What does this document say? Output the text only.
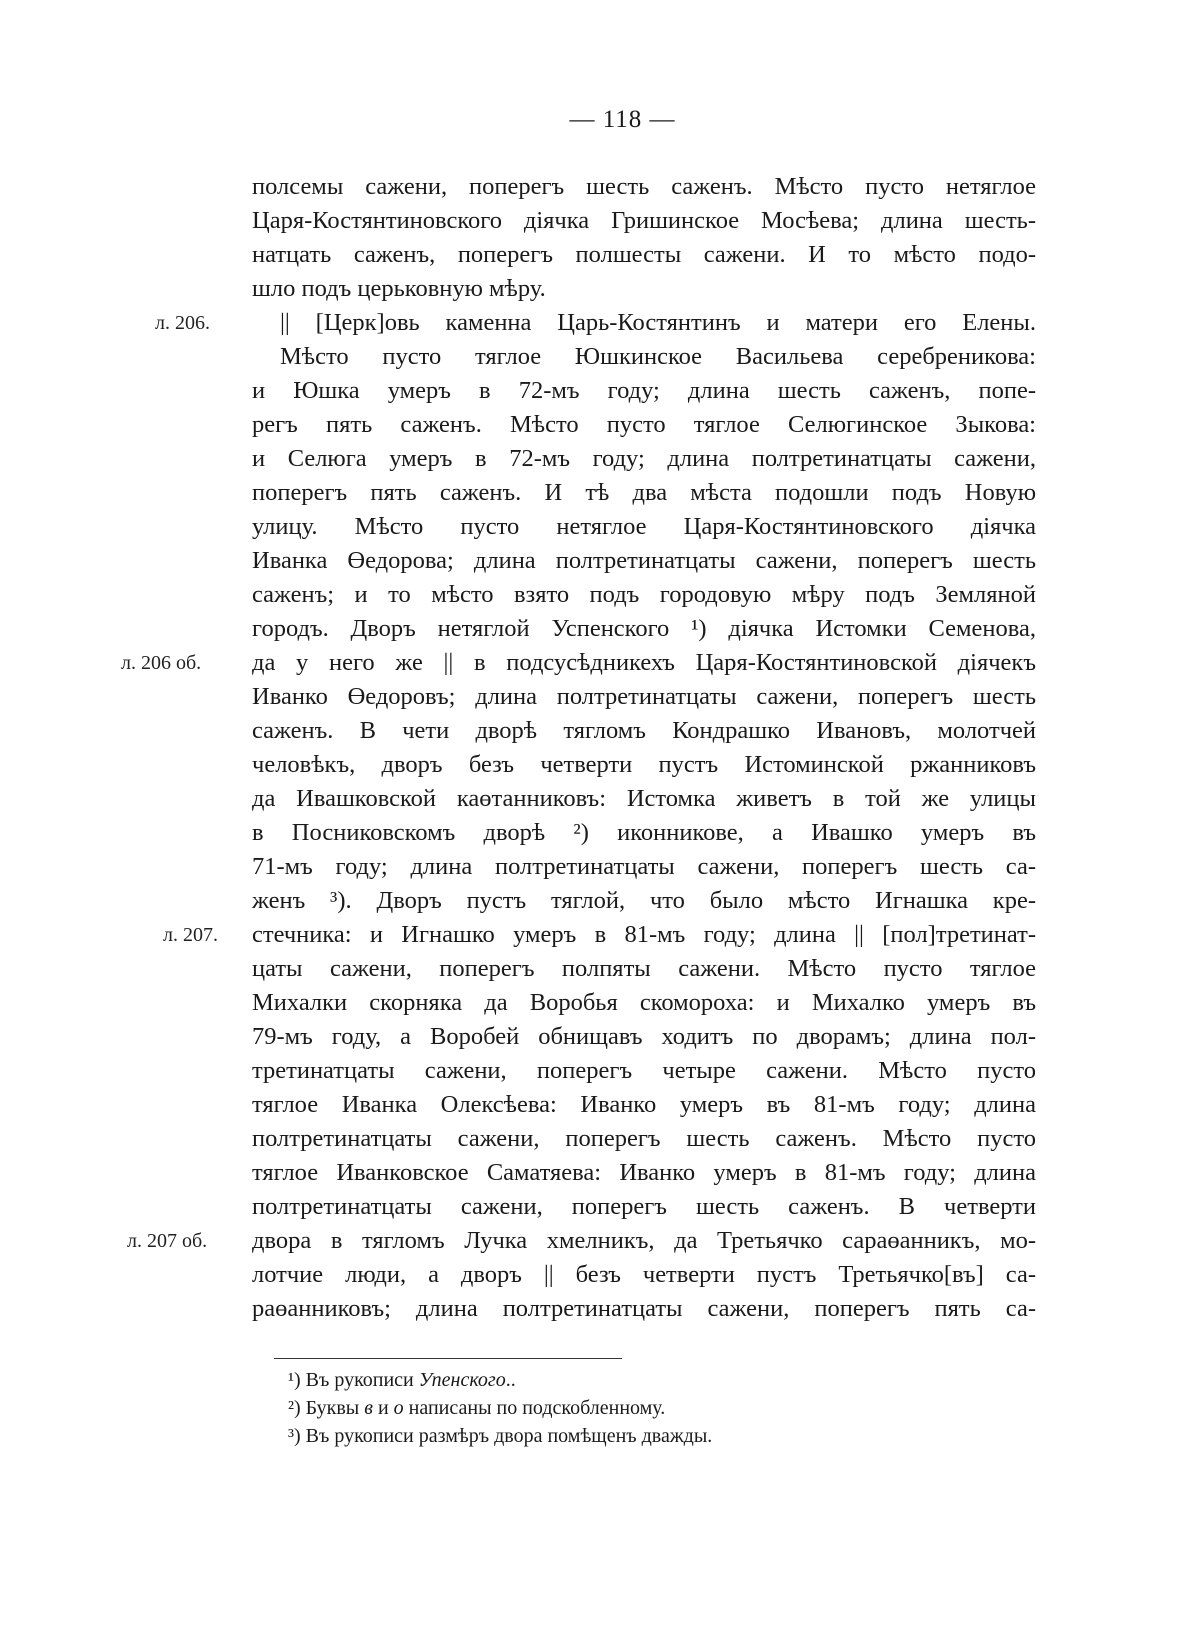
— 118 —
л. 206.
л. 206 об.
л. 207.
л. 207 об.
полсемы сажени, поперегъ шесть саженъ. Мѣсто пусто нетяглое
Царя-Костянтиновского дiячка Гришинское Мосѣева; длина шесть-
натцать саженъ, поперегъ полшесты сажени. И то мѣсто подо-
шло подъ церьковную мѣру.
|| [Церк]овь каменна Царь-Костянтинъ и матери его Елены.
Мѣсто пусто тяглое Юшкинское Васильева серебреникова:
и Юшка умеръ в 72-мъ году; длина шесть саженъ, попе-
регъ пять саженъ. Мѣсто пусто тяглое Селюгинское Зыкова:
и Селюга умеръ в 72-мъ году; длина полтретинатцаты сажени,
поперегъ пять саженъ. И тѣ два мѣста подошли подъ Новую
улицу. Мѣсто пусто нетяглое Царя-Костянтиновского дiячка
Иванка Өедорова; длина полтретинатцаты сажени, поперегъ шесть
саженъ; и то мѣсто взято подъ городовую мѣру подъ Земляной
городъ. Дворъ нетяглой Успенского ¹) дiячка Истомки Семенова,
да у него же || в подсусѣдникехъ Царя-Костянтиновской дiячекъ
Иванко Өедоровъ; длина полтретинатцаты сажени, поперегъ шесть
саженъ. В чети дворѣ тягломъ Кондрашко Ивановъ, молотчей
человѣкъ, дворъ безъ четверти пустъ Истоминской ржанниковъ
да Ивашковской каөтанниковъ: Истомка живетъ в той же улицы
в Посниковскомъ дворѣ ²) иконникове, а Ивашко умеръ въ
71-мъ году; длина полтретинатцаты сажени, поперегъ шесть са-
женъ ³). Дворъ пустъ тяглой, что было мѣсто Игнашка кре-
стечника: и Игнашко умеръ в 81-мъ году; длина || [пол]третинат-
цаты сажени, поперегъ полпяты сажени. Мѣсто пусто тяглое
Михалки скорняка да Воробья скомороха: и Михалко умеръ въ
79-мъ году, а Воробей обнищавъ ходитъ по дворамъ; длина пол-
третинатцаты сажени, поперегъ четыре сажени. Мѣсто пусто
тяглое Иванка Олексѣева: Иванко умеръ въ 81-мъ году; длина
полтретинатцаты сажени, поперегъ шесть саженъ. Мѣсто пусто
тяглое Иванковское Саматяева: Иванко умеръ в 81-мъ году; длина
полтретинатцаты сажени, поперегъ шесть саженъ. В четверти
двора в тягломъ Лучка хмелникъ, да Третьячко сараөанникъ, мо-
лотчие люди, а дворъ || безъ четверти пустъ Третьячко[въ] са-
раөанниковъ; длина полтретинатцаты сажени, поперегъ пять са-
¹) Въ рукописи Упенского..
²) Буквы в и о написаны по подскобленному.
³) Въ рукописи размѣръ двора помѣщенъ дважды.
